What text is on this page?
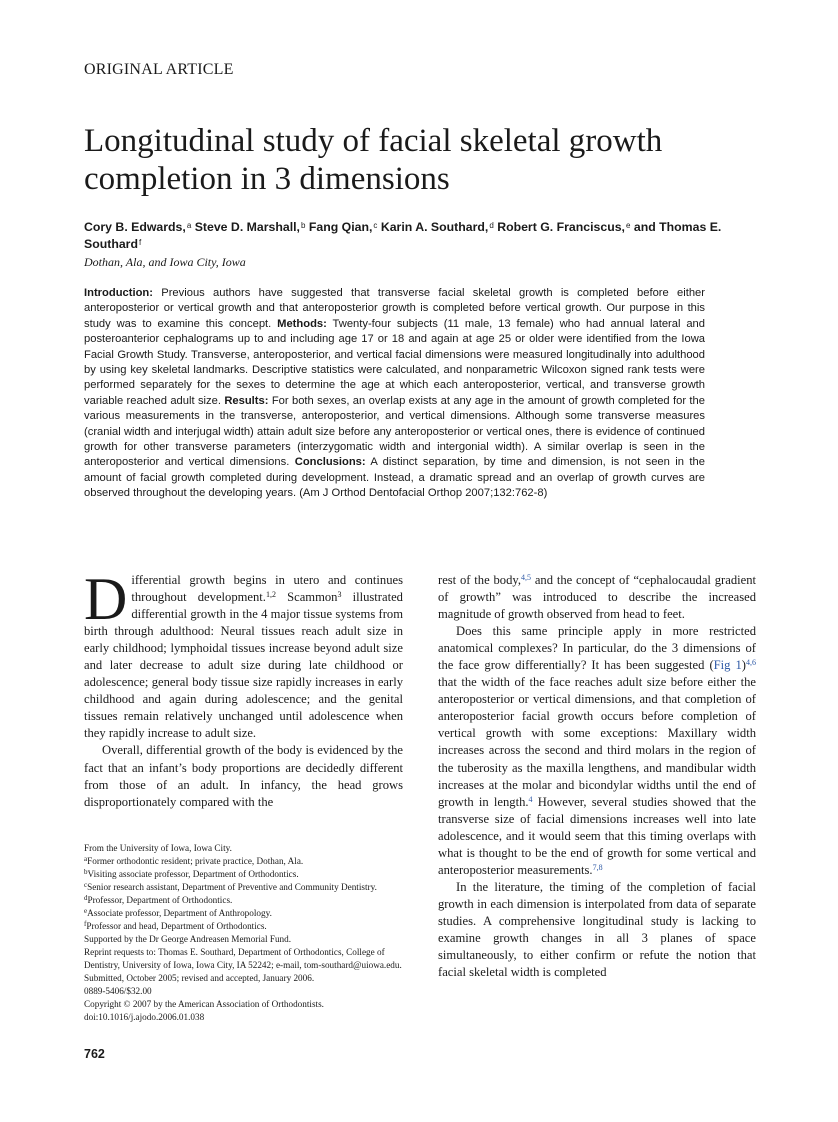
ORIGINAL ARTICLE
Longitudinal study of facial skeletal growth completion in 3 dimensions
Cory B. Edwards,$^a$ Steve D. Marshall,$^b$ Fang Qian,$^c$ Karin A. Southard,$^d$ Robert G. Franciscus,$^e$ and Thomas E. Southard$^f$
Dothan, Ala, and Iowa City, Iowa
Introduction: Previous authors have suggested that transverse facial skeletal growth is completed before either anteroposterior or vertical growth and that anteroposterior growth is completed before vertical growth. Our purpose in this study was to examine this concept. Methods: Twenty-four subjects (11 male, 13 female) who had annual lateral and posteroanterior cephalograms up to and including age 17 or 18 and again at age 25 or older were identified from the Iowa Facial Growth Study. Transverse, anteroposterior, and vertical facial dimensions were measured longitudinally into adulthood by using key skeletal landmarks. Descriptive statistics were calculated, and nonparametric Wilcoxon signed rank tests were performed separately for the sexes to determine the age at which each anteroposterior, vertical, and transverse growth variable reached adult size. Results: For both sexes, an overlap exists at any age in the amount of growth completed for the various measurements in the transverse, anteroposterior, and vertical dimensions. Although some transverse measures (cranial width and interjugal width) attain adult size before any anteroposterior or vertical ones, there is evidence of continued growth for other transverse parameters (interzygomatic width and intergonial width). A similar overlap is seen in the anteroposterior and vertical dimensions. Conclusions: A distinct separation, by time and dimension, is not seen in the amount of facial growth completed during development. Instead, a dramatic spread and an overlap of growth curves are observed throughout the developing years. (Am J Orthod Dentofacial Orthop 2007;132:762-8)

Differential growth begins in utero and continues throughout development.$^{1,2}$ Scammon$^3$ illustrated differential growth in the 4 major tissue systems from birth through adulthood: Neural tissues reach adult size in early childhood; lymphoidal tissues increase beyond adult size and later decrease to adult size during late childhood or adolescence; general body tissue size rapidly increases in early childhood and again during adolescence; and the genital tissues remain relatively unchanged until adolescence when they rapidly increase to adult size.

Overall, differential growth of the body is evidenced by the fact that an infant’s body proportions are decidedly different from those of an adult. In infancy, the head grows disproportionately compared with the

rest of the body,$^{4,5}$ and the concept of “cephalocaudal gradient of growth” was introduced to describe the increased magnitude of growth observed from head to feet.

Does this same principle apply in more restricted anatomical complexes? In particular, do the 3 dimensions of the face grow differentially? It has been suggested (Fig 1)$^{4,6}$ that the width of the face reaches adult size before either the anteroposterior or vertical dimensions, and that completion of anteroposterior facial growth occurs before completion of vertical growth with some exceptions: Maxillary width increases across the second and third molars in the region of the tuberosity as the maxilla lengthens, and mandibular width increases at the molar and bicondylar widths until the end of growth in length.$^4$ However, several studies showed that the transverse size of facial dimensions increases well into late adolescence, and it would seem that this timing overlaps with what is thought to be the end of growth for some vertical and anteroposterior measurements.$^{7,8}$

In the literature, the timing of the completion of facial growth in each dimension is interpolated from data of separate studies. A comprehensive longitudinal study is lacking to examine growth changes in all 3 planes of space simultaneously, to either confirm or refute the notion that facial skeletal width is completed

From the University of Iowa, Iowa City.
$^a$Former orthodontic resident; private practice, Dothan, Ala.
$^b$Visiting associate professor, Department of Orthodontics.
$^c$Senior research assistant, Department of Preventive and Community Dentistry.
$^d$Professor, Department of Orthodontics.
$^e$Associate professor, Department of Anthropology.
$^f$Professor and head, Department of Orthodontics.
Supported by the Dr George Andreasen Memorial Fund.
Reprint requests to: Thomas E. Southard, Department of Orthodontics, College of Dentistry, University of Iowa, Iowa City, IA 52242; e-mail, tom-southard@uiowa.edu.
Submitted, October 2005; revised and accepted, January 2006.
0889-5406/$32.00
Copyright © 2007 by the American Association of Orthodontists.
doi:10.1016/j.ajodo.2006.01.038
762
